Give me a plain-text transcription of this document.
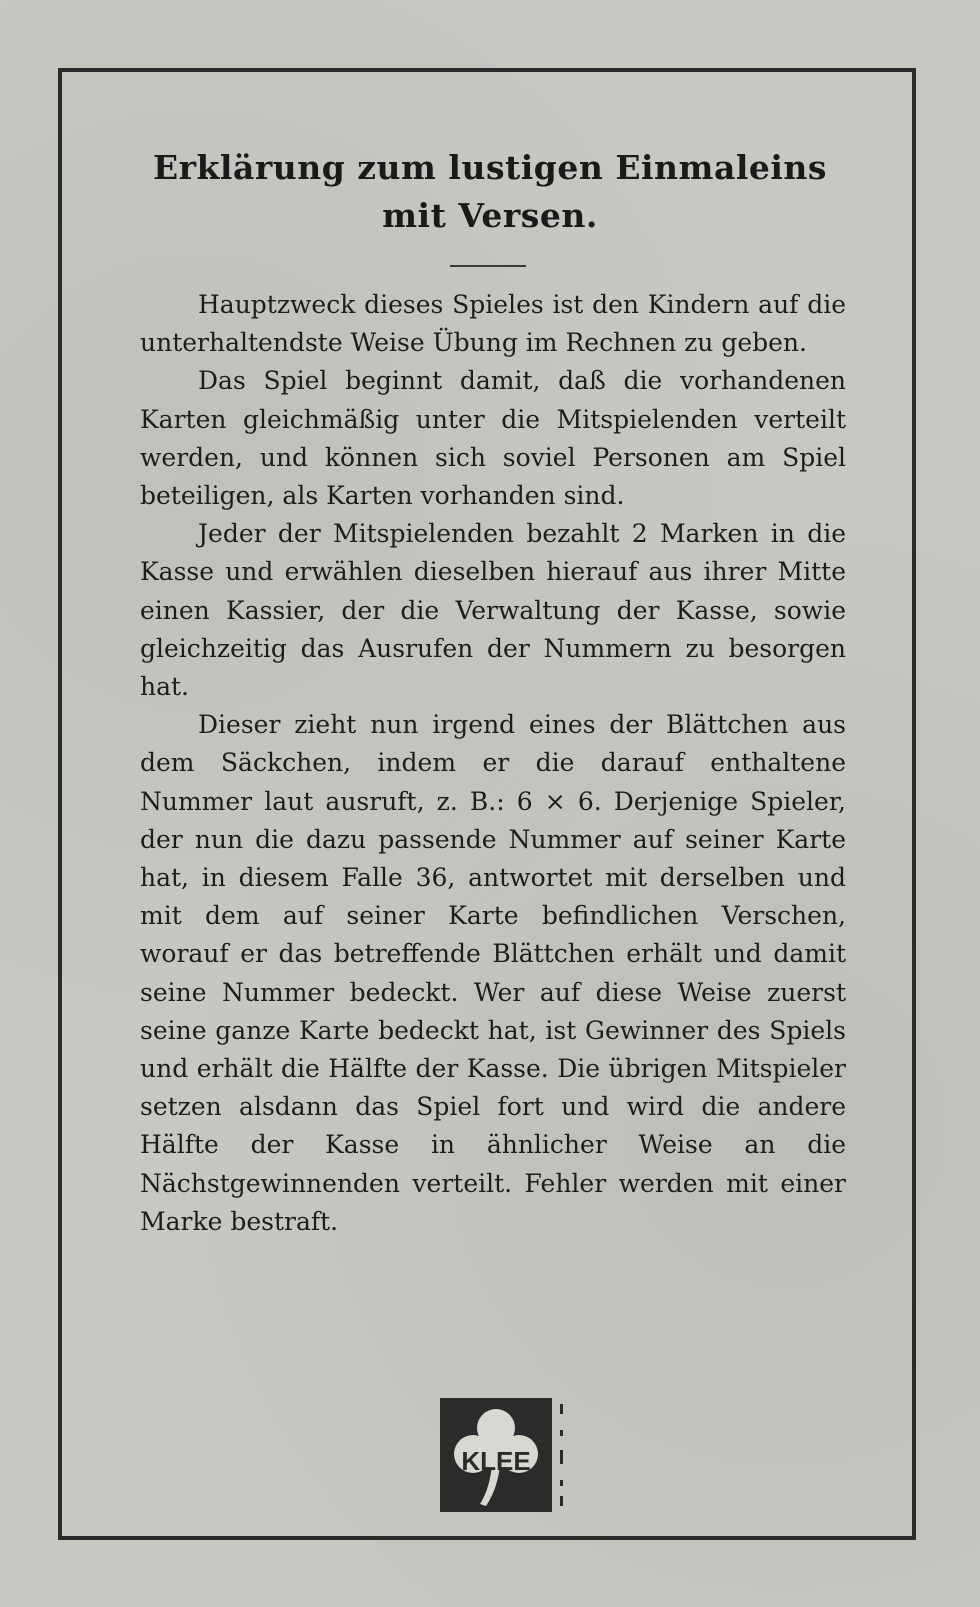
Erklärung zum lustigen Einmaleins
mit Versen.

Hauptzweck dieses Spieles ist den Kindern auf die unterhaltendste Weise Übung im Rechnen zu geben.

Das Spiel beginnt damit, daß die vorhandenen Karten gleichmäßig unter die Mitspielenden verteilt werden, und können sich soviel Personen am Spiel beteiligen, als Karten vorhanden sind.

Jeder der Mitspielenden bezahlt 2 Marken in die Kasse und erwählen dieselben hierauf aus ihrer Mitte einen Kassier, der die Verwaltung der Kasse, sowie gleichzeitig das Ausrufen der Nummern zu besorgen hat.

Dieser zieht nun irgend eines der Blättchen aus dem Säckchen, indem er die darauf enthaltene Nummer laut ausruft, z. B.: 6 × 6. Derjenige Spieler, der nun die dazu passende Nummer auf seiner Karte hat, in diesem Falle 36, antwortet mit derselben und mit dem auf seiner Karte befindlichen Verschen, worauf er das betreffende Blättchen erhält und damit seine Nummer bedeckt. Wer auf diese Weise zuerst seine ganze Karte bedeckt hat, ist Gewinner des Spiels und erhält die Hälfte der Kasse. Die übrigen Mitspieler setzen alsdann das Spiel fort und wird die andere Hälfte der Kasse in ähnlicher Weise an die Nächstgewinnenden verteilt. Fehler werden mit einer Marke bestraft.

KLEE
